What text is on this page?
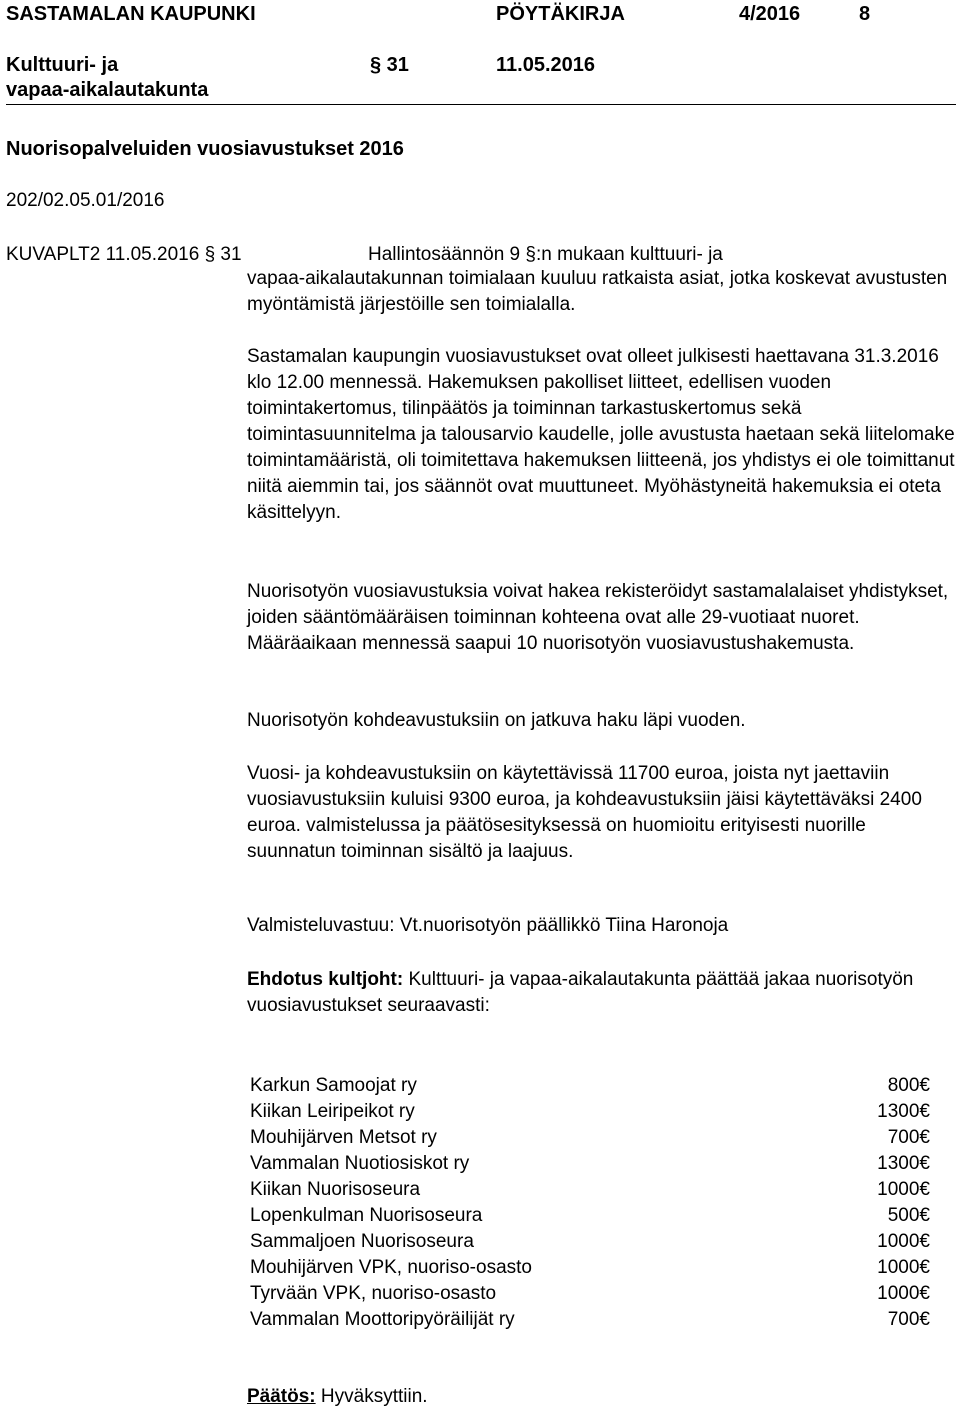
SASTAMALAN KAUPUNKI	PÖYTÄKIRJA	4/2016	8
Kulttuuri- ja
vapaa-aikalautakunta
§ 31	11.05.2016
Nuorisopalveluiden vuosiavustukset 2016
202/02.05.01/2016
KUVAPLT2 11.05.2016 § 31	Hallintosäännön 9 §:n mukaan kulttuuri- ja
vapaa-aikalautakunnan toimialaan kuuluu ratkaista asiat, jotka koskevat avustusten myöntämistä järjestöille sen toimialalla.
Sastamalan kaupungin vuosiavustukset ovat olleet julkisesti haettavana 31.3.2016 klo 12.00 mennessä. Hakemuksen pakolliset liitteet, edellisen vuoden toimintakertomus, tilinpäätös ja toiminnan tarkastuskertomus sekä toimintasuunnitelma ja talousarvio kaudelle, jolle avustusta haetaan sekä liitelomake toimintamääristä, oli toimitettava hakemuksen liitteenä, jos yhdistys ei ole toimittanut niitä aiemmin tai, jos säännöt ovat muuttuneet. Myöhästyneitä hakemuksia ei oteta käsittelyyn.
Nuorisotyön vuosiavustuksia voivat hakea rekisteröidyt sastamalalaiset yhdistykset, joiden sääntömääräisen toiminnan kohteena ovat alle 29-vuotiaat nuoret. Määräaikaan mennessä saapui 10 nuorisotyön vuosiavustushakemusta.
Nuorisotyön kohdeavustuksiin on jatkuva haku läpi vuoden.
Vuosi- ja kohdeavustuksiin on käytettävissä 11700 euroa, joista nyt jaettaviin vuosiavustuksiin kuluisi 9300 euroa, ja kohdeavustuksiin jäisi käytettäväksi 2400 euroa. valmistelussa ja päätösesityksessä on huomioitu erityisesti nuorille suunnatun toiminnan sisältö ja laajuus.
Valmisteluvastuu: Vt.nuorisotyön päällikkö Tiina Haronoja
Ehdotus kultjoht: Kulttuuri- ja vapaa-aikalautakunta päättää jakaa nuorisotyön vuosiavustukset seuraavasti:
Karkun Samoojat ry	800€
Kiikan Leiripeikot ry	1300€
Mouhijärven Metsot ry	700€
Vammalan Nuotiosiskot ry	1300€
Kiikan Nuorisoseura	1000€
Lopenkulman Nuorisoseura	500€
Sammaljoen Nuorisoseura	1000€
Mouhijärven VPK, nuoriso-osasto	1000€
Tyrvään VPK, nuoriso-osasto	1000€
Vammalan Moottoripyöräilijät ry	700€
Päätös: Hyväksyttiin.
